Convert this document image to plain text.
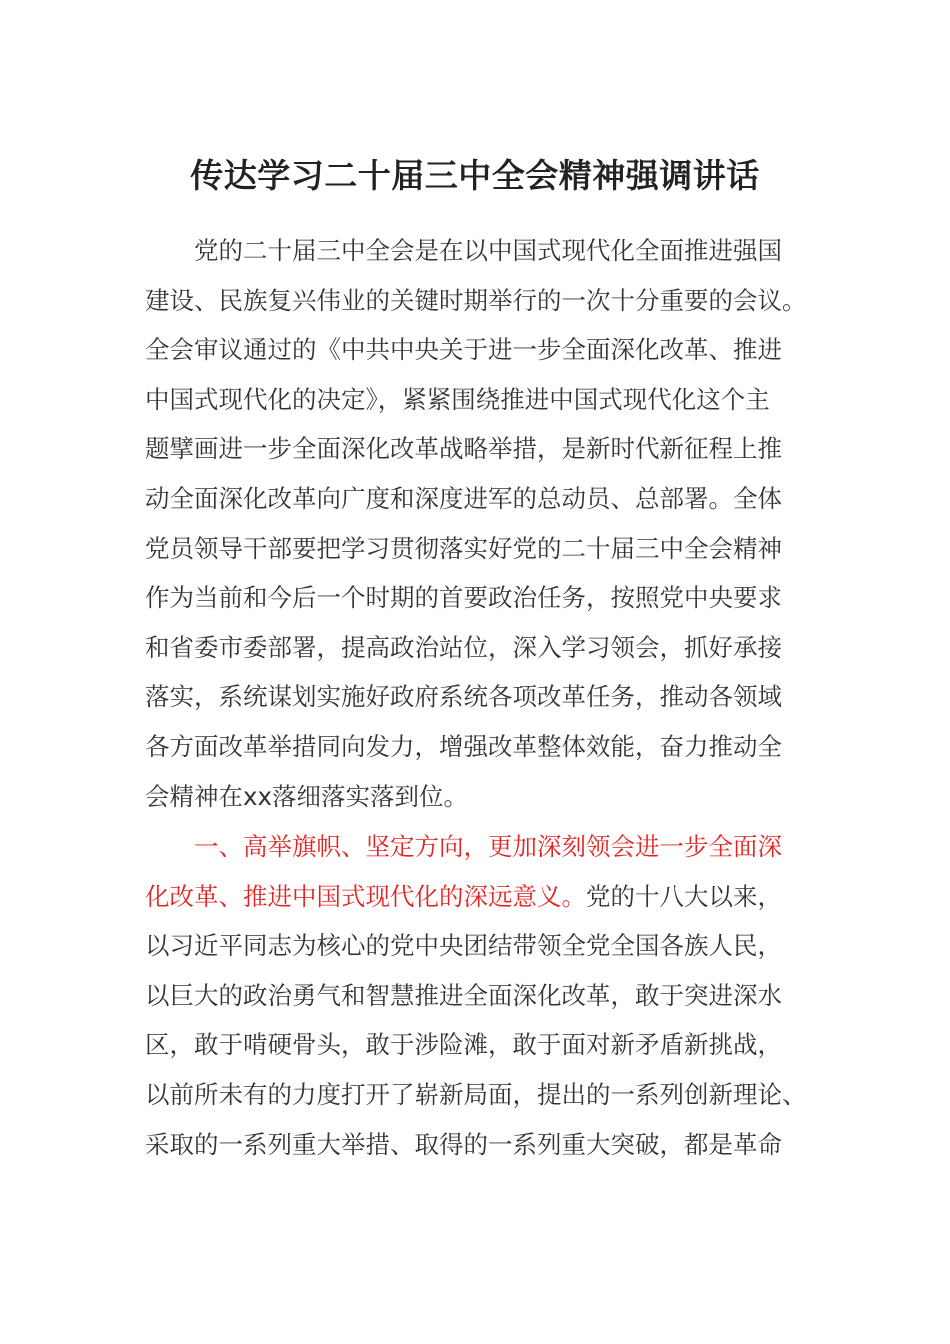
传达学习二十届三中全会精神强调讲话
党的二十届三中全会是在以中国式现代化全面推进强国
建设、民族复兴伟业的关键时期举行的一次十分重要的会议。
全会审议通过的《中共中央关于进一步全面深化改革、推进
中国式现代化的决定》，紧紧围绕推进中国式现代化这个主
题擘画进一步全面深化改革战略举措，是新时代新征程上推
动全面深化改革向广度和深度进军的总动员、总部署。全体
党员领导干部要把学习贯彻落实好党的二十届三中全会精神
作为当前和今后一个时期的首要政治任务，按照党中央要求
和省委市委部署，提高政治站位，深入学习领会，抓好承接
落实，系统谋划实施好政府系统各项改革任务，推动各领域
各方面改革举措同向发力，增强改革整体效能，奋力推动全
会精神在xx落细落实落到位。
一、高举旗帜、坚定方向，更加深刻领会进一步全面深
化改革、推进中国式现代化的深远意义。党的十八大以来，
以习近平同志为核心的党中央团结带领全党全国各族人民，
以巨大的政治勇气和智慧推进全面深化改革，敢于突进深水
区，敢于啃硬骨头，敢于涉险滩，敢于面对新矛盾新挑战，
以前所未有的力度打开了崭新局面，提出的一系列创新理论、
采取的一系列重大举措、取得的一系列重大突破，都是革命
